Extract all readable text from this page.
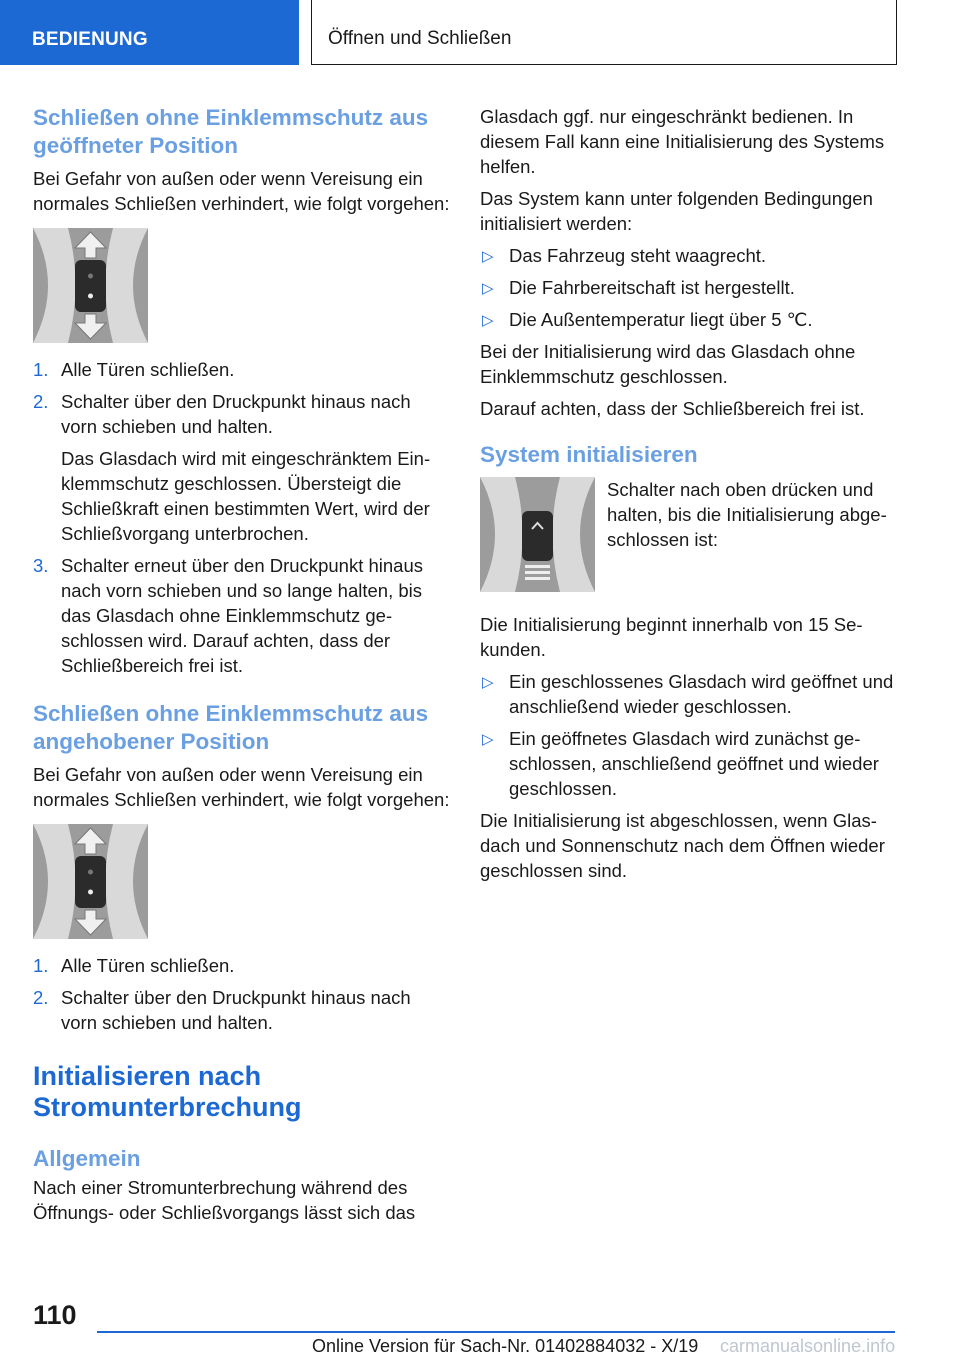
BEDIENUNG	Öffnen und Schließen
Schließen ohne Einklemmschutz aus geöffneter Position

Bei Gefahr von außen oder wenn Vereisung ein normales Schließen verhindert, wie folgt vorgehen:

1. Alle Türen schließen.
2. Schalter über den Druckpunkt hinaus nach vorn schieben und halten.

Das Glasdach wird mit eingeschränktem Einklemmschutz geschlossen. Übersteigt die Schließkraft einen bestimmten Wert, wird der Schließvorgang unterbrochen.

3. Schalter erneut über den Druckpunkt hinaus nach vorn schieben und so lange halten, bis das Glasdach ohne Einklemmschutz geschlossen wird. Darauf achten, dass der Schließbereich frei ist.
Schließen ohne Einklemmschutz aus angehobener Position

Bei Gefahr von außen oder wenn Vereisung ein normales Schließen verhindert, wie folgt vorgehen:

1. Alle Türen schließen.
2. Schalter über den Druckpunkt hinaus nach vorn schieben und halten.
Initialisieren nach Stromunterbrechung
Allgemein

Nach einer Stromunterbrechung während des Öffnungs- oder Schließvorgangs lässt sich das

Glasdach ggf. nur eingeschränkt bedienen. In diesem Fall kann eine Initialisierung des Systems helfen.

Das System kann unter folgenden Bedingungen initialisiert werden:

▷ Das Fahrzeug steht waagrecht.
▷ Die Fahrbereitschaft ist hergestellt.
▷ Die Außentemperatur liegt über 5 ℃.

Bei der Initialisierung wird das Glasdach ohne Einklemmschutz geschlossen.

Darauf achten, dass der Schließbereich frei ist.

System initialisieren

Schalter nach oben drücken und halten, bis die Initialisierung abgeschlossen ist:

Die Initialisierung beginnt innerhalb von 15 Sekunden.

▷ Ein geschlossenes Glasdach wird geöffnet und anschließend wieder geschlossen.
▷ Ein geöffnetes Glasdach wird zunächst geschlossen, anschließend geöffnet und wieder geschlossen.

Die Initialisierung ist abgeschlossen, wenn Glasdach und Sonnenschutz nach dem Öffnen wieder geschlossen sind.

110
Online Version für Sach-Nr. 01402884032 - X/19 carmanualsonline.info
